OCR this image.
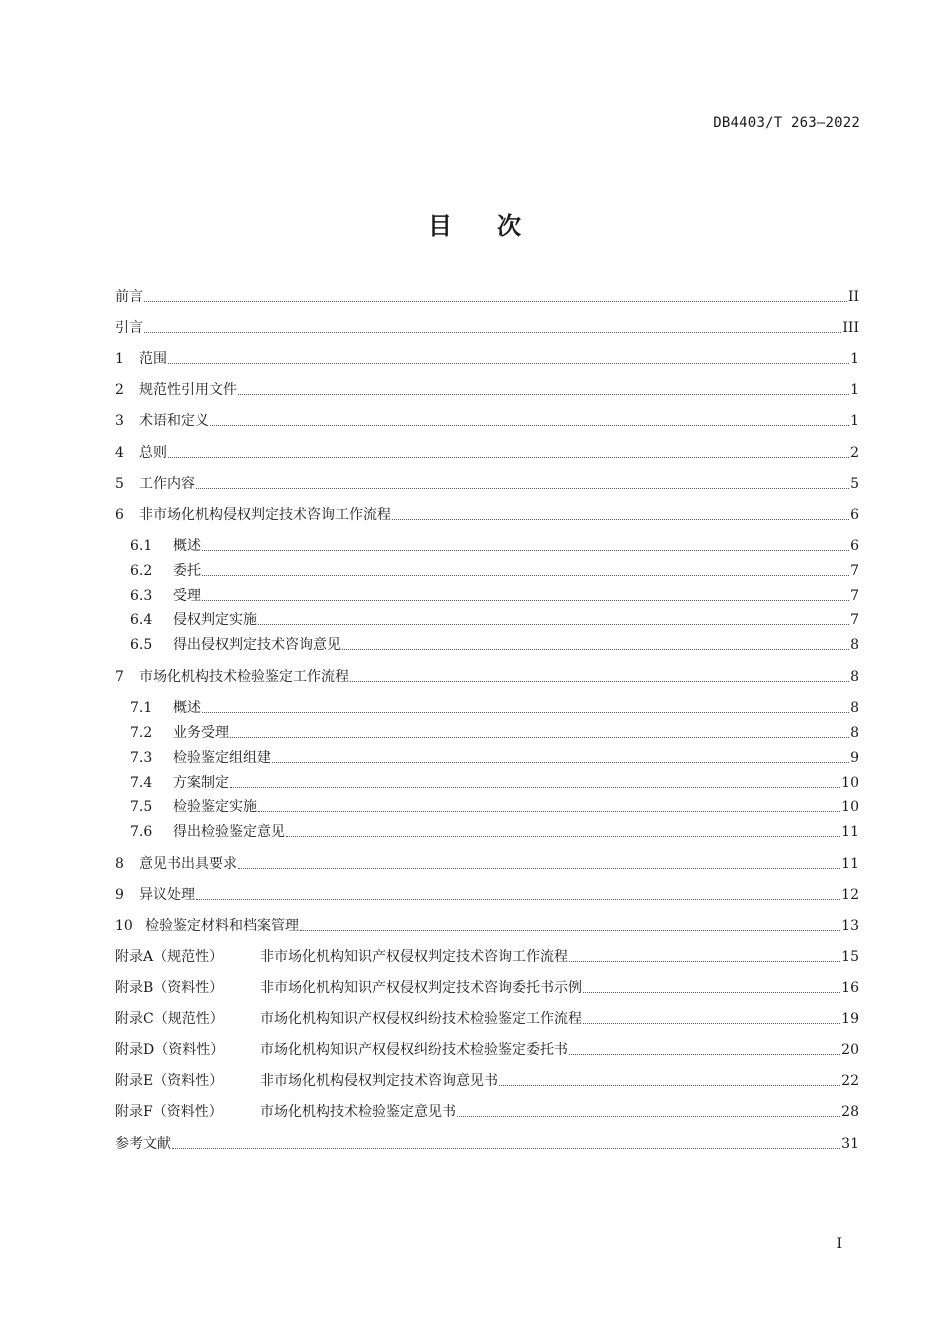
DB4403/T 263—2022
目 次
前言	II
引言	III
1	范围	1
2	规范性引用文件	1
3	术语和定义	1
4	总则	2
5	工作内容	5
6	非市场化机构侵权判定技术咨询工作流程	6
6.1	概述	6
6.2	委托	7
6.3	受理	7
6.4	侵权判定实施	7
6.5	得出侵权判定技术咨询意见	8
7	市场化机构技术检验鉴定工作流程	8
7.1	概述	8
7.2	业务受理	8
7.3	检验鉴定组组建	9
7.4	方案制定	10
7.5	检验鉴定实施	10
7.6	得出检验鉴定意见	11
8	意见书出具要求	11
9	异议处理	12
10 检验鉴定材料和档案管理	13
附录A（规范性）	非市场化机构知识产权侵权判定技术咨询工作流程	15
附录B（资料性）	非市场化机构知识产权侵权判定技术咨询委托书示例	16
附录C（规范性）	市场化机构知识产权侵权纠纷技术检验鉴定工作流程	19
附录D（资料性）	市场化机构知识产权侵权纠纷技术检验鉴定委托书	20
附录E（资料性）	非市场化机构侵权判定技术咨询意见书	22
附录F（资料性）	市场化机构技术检验鉴定意见书	28
参考文献	31
I
